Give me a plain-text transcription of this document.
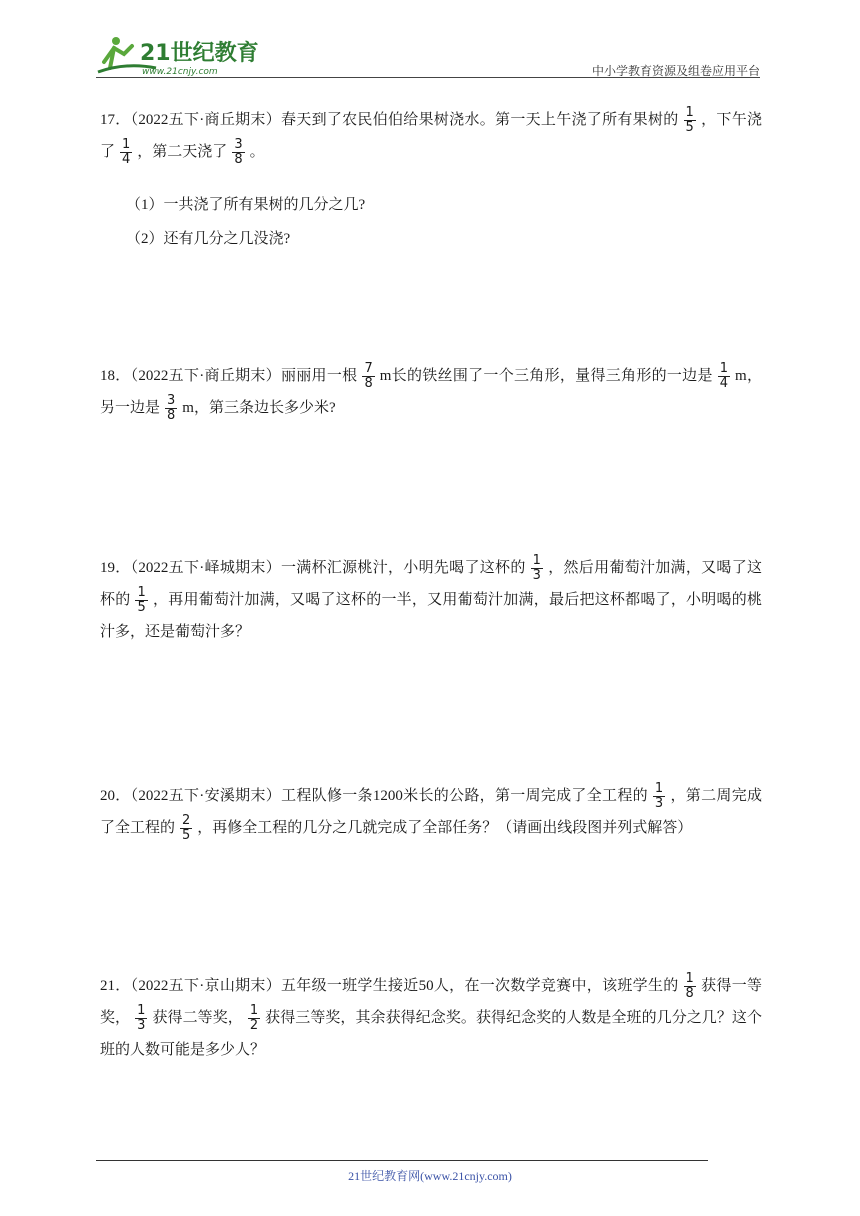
21世纪教育
www.21cnjy.com	中小学教育资源及组卷应用平台

17．（2022五下·商丘期末）春天到了农民伯伯给果树浇水。第一天上午浇了所有果树的 $\frac{1}{5}$ ，下午浇了 $\frac{1}{4}$ ，第二天浇了 $\frac{3}{8}$ 。

（1）一共浇了所有果树的几分之几?
（2）还有几分之几没浇?

18．（2022五下·商丘期末）丽丽用一根 $\frac{7}{8}$ m长的铁丝围了一个三角形，量得三角形的一边是 $\frac{1}{4}$ m，另一边是 $\frac{3}{8}$ m，第三条边长多少米?

19．（2022五下·峄城期末）一满杯汇源桃汁，小明先喝了这杯的 $\frac{1}{3}$ ，然后用葡萄汁加满，又喝了这杯的 $\frac{1}{5}$ ，再用葡萄汁加满，又喝了这杯的一半，又用葡萄汁加满，最后把这杯都喝了，小明喝的桃汁多，还是葡萄汁多？

20．（2022五下·安溪期末）工程队修一条1200米长的公路，第一周完成了全工程的 $\frac{1}{3}$ ，第二周完成了全工程的 $\frac{2}{5}$ ，再修全工程的几分之几就完成了全部任务？（请画出线段图并列式解答）

21．（2022五下·京山期末）五年级一班学生接近50人，在一次数学竞赛中，该班学生的 $\frac{1}{8}$ 获得一等奖， $\frac{1}{3}$ 获得二等奖， $\frac{1}{2}$ 获得三等奖，其余获得纪念奖。获得纪念奖的人数是全班的几分之几？这个班的人数可能是多少人？

21世纪教育网(www.21cnjy.com)
